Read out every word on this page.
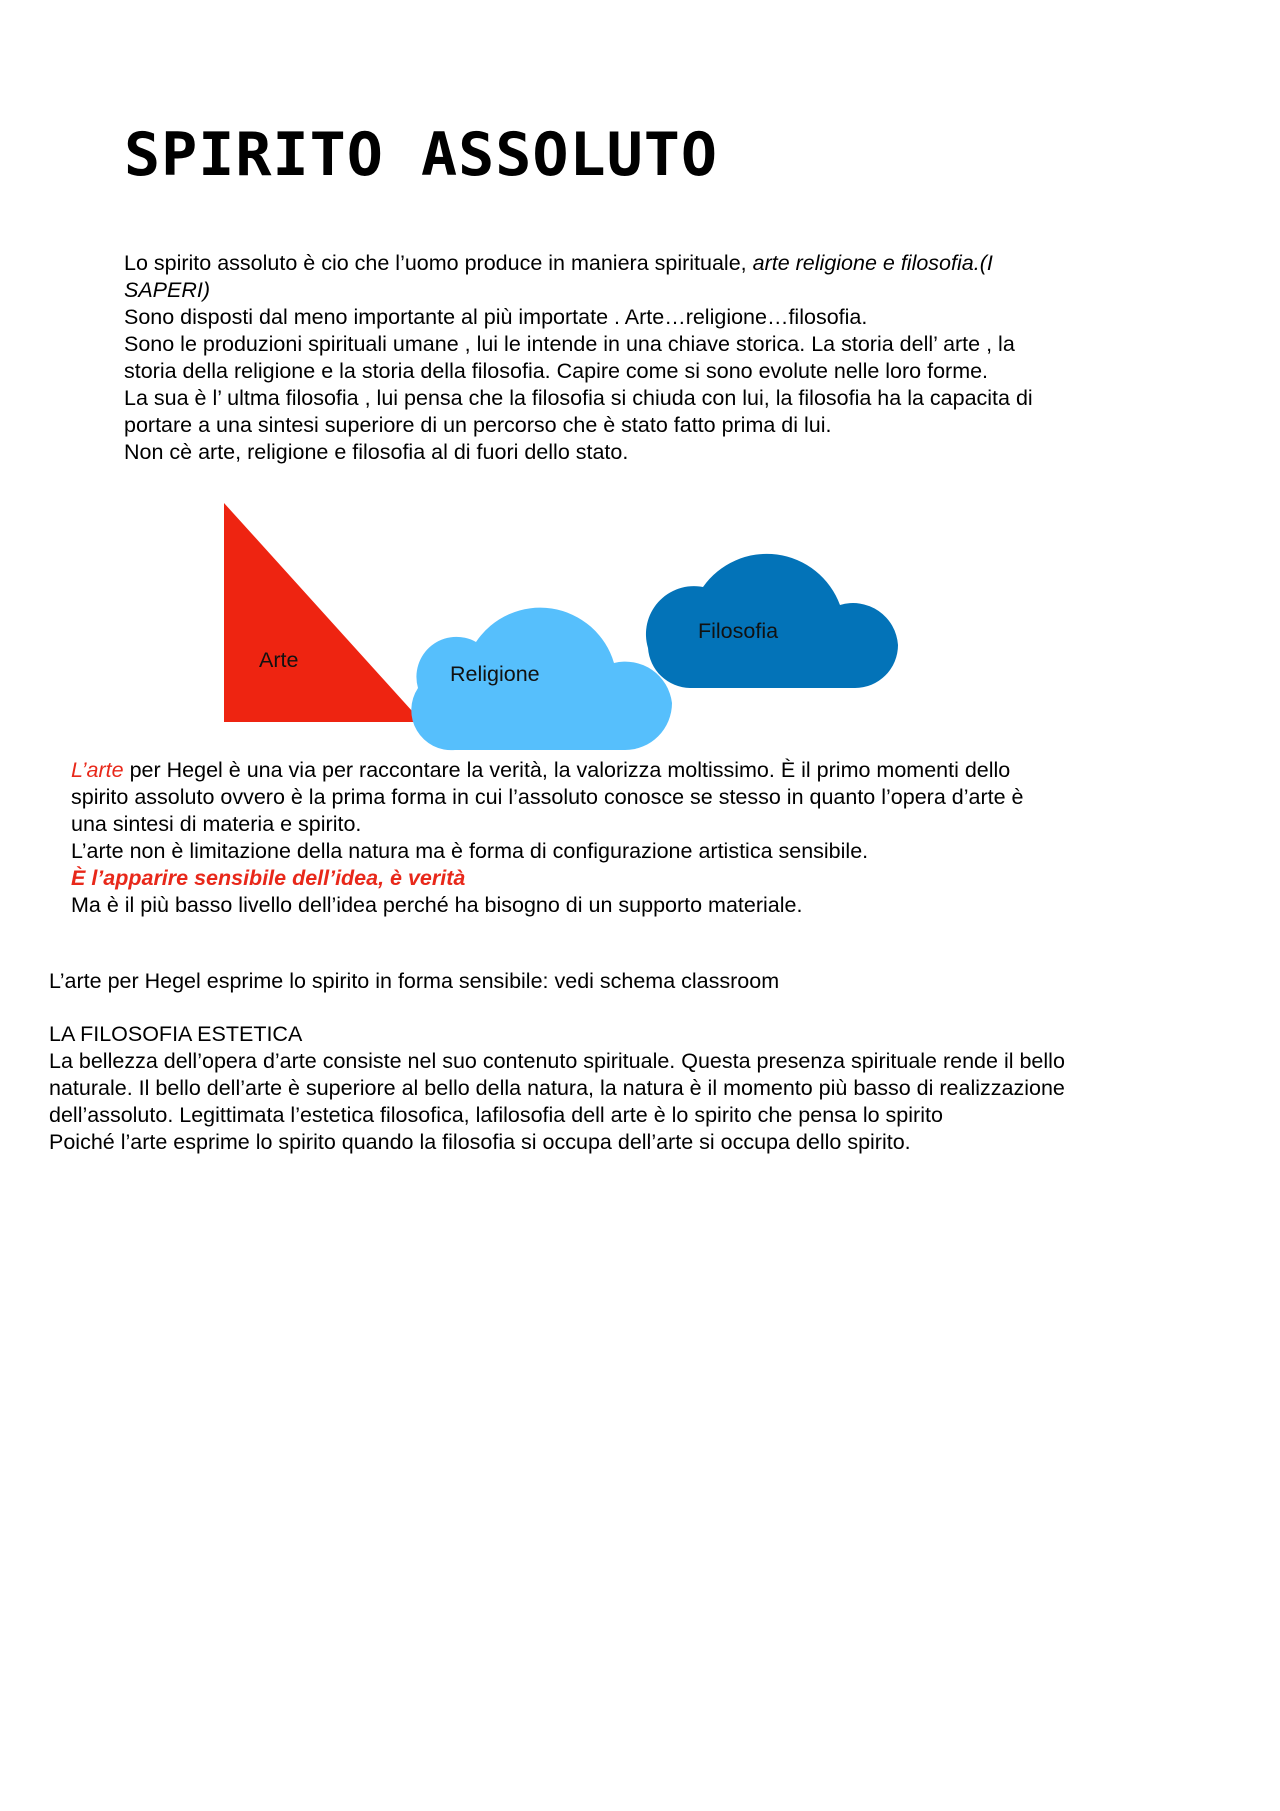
SPIRITO ASSOLUTO
Lo spirito assoluto è cio che l’uomo produce in maniera spirituale, arte religione e filosofia.(I
SAPERI)
Sono disposti dal meno importante al più importate . Arte…religione…filosofia.
Sono le produzioni spirituali umane , lui le intende in una chiave storica. La storia dell’ arte , la
storia della religione e la storia della filosofia. Capire come si sono evolute nelle loro forme.
La sua è l’ ultma filosofia , lui pensa che la filosofia si chiuda con lui, la filosofia ha la capacita di
portare a una sintesi superiore di un percorso che è stato fatto prima di lui.
Non cè arte, religione e filosofia al di fuori dello stato.
Arte
Religione
Filosofia
L’arte per Hegel è una via per raccontare la verità, la valorizza moltissimo. È il primo momenti dello
spirito assoluto ovvero è la prima forma in cui l’assoluto conosce se stesso in quanto l’opera d’arte è
una sintesi di materia e spirito.
L’arte non è limitazione della natura ma è forma di configurazione artistica sensibile.
È l’apparire sensibile dell’idea, è verità
Ma è il più basso livello dell’idea perché ha bisogno di un supporto materiale.
L’arte per Hegel esprime lo spirito in forma sensibile: vedi schema classroom
LA FILOSOFIA ESTETICA
La bellezza dell’opera d’arte consiste nel suo contenuto spirituale. Questa presenza spirituale rende il bello
naturale. Il bello dell’arte è superiore al bello della natura, la natura è il momento più basso di realizzazione
dell’assoluto. Legittimata l’estetica filosofica, lafilosofia dell arte è lo spirito che pensa lo spirito
Poiché l’arte esprime lo spirito quando la filosofia si occupa dell’arte si occupa dello spirito.
